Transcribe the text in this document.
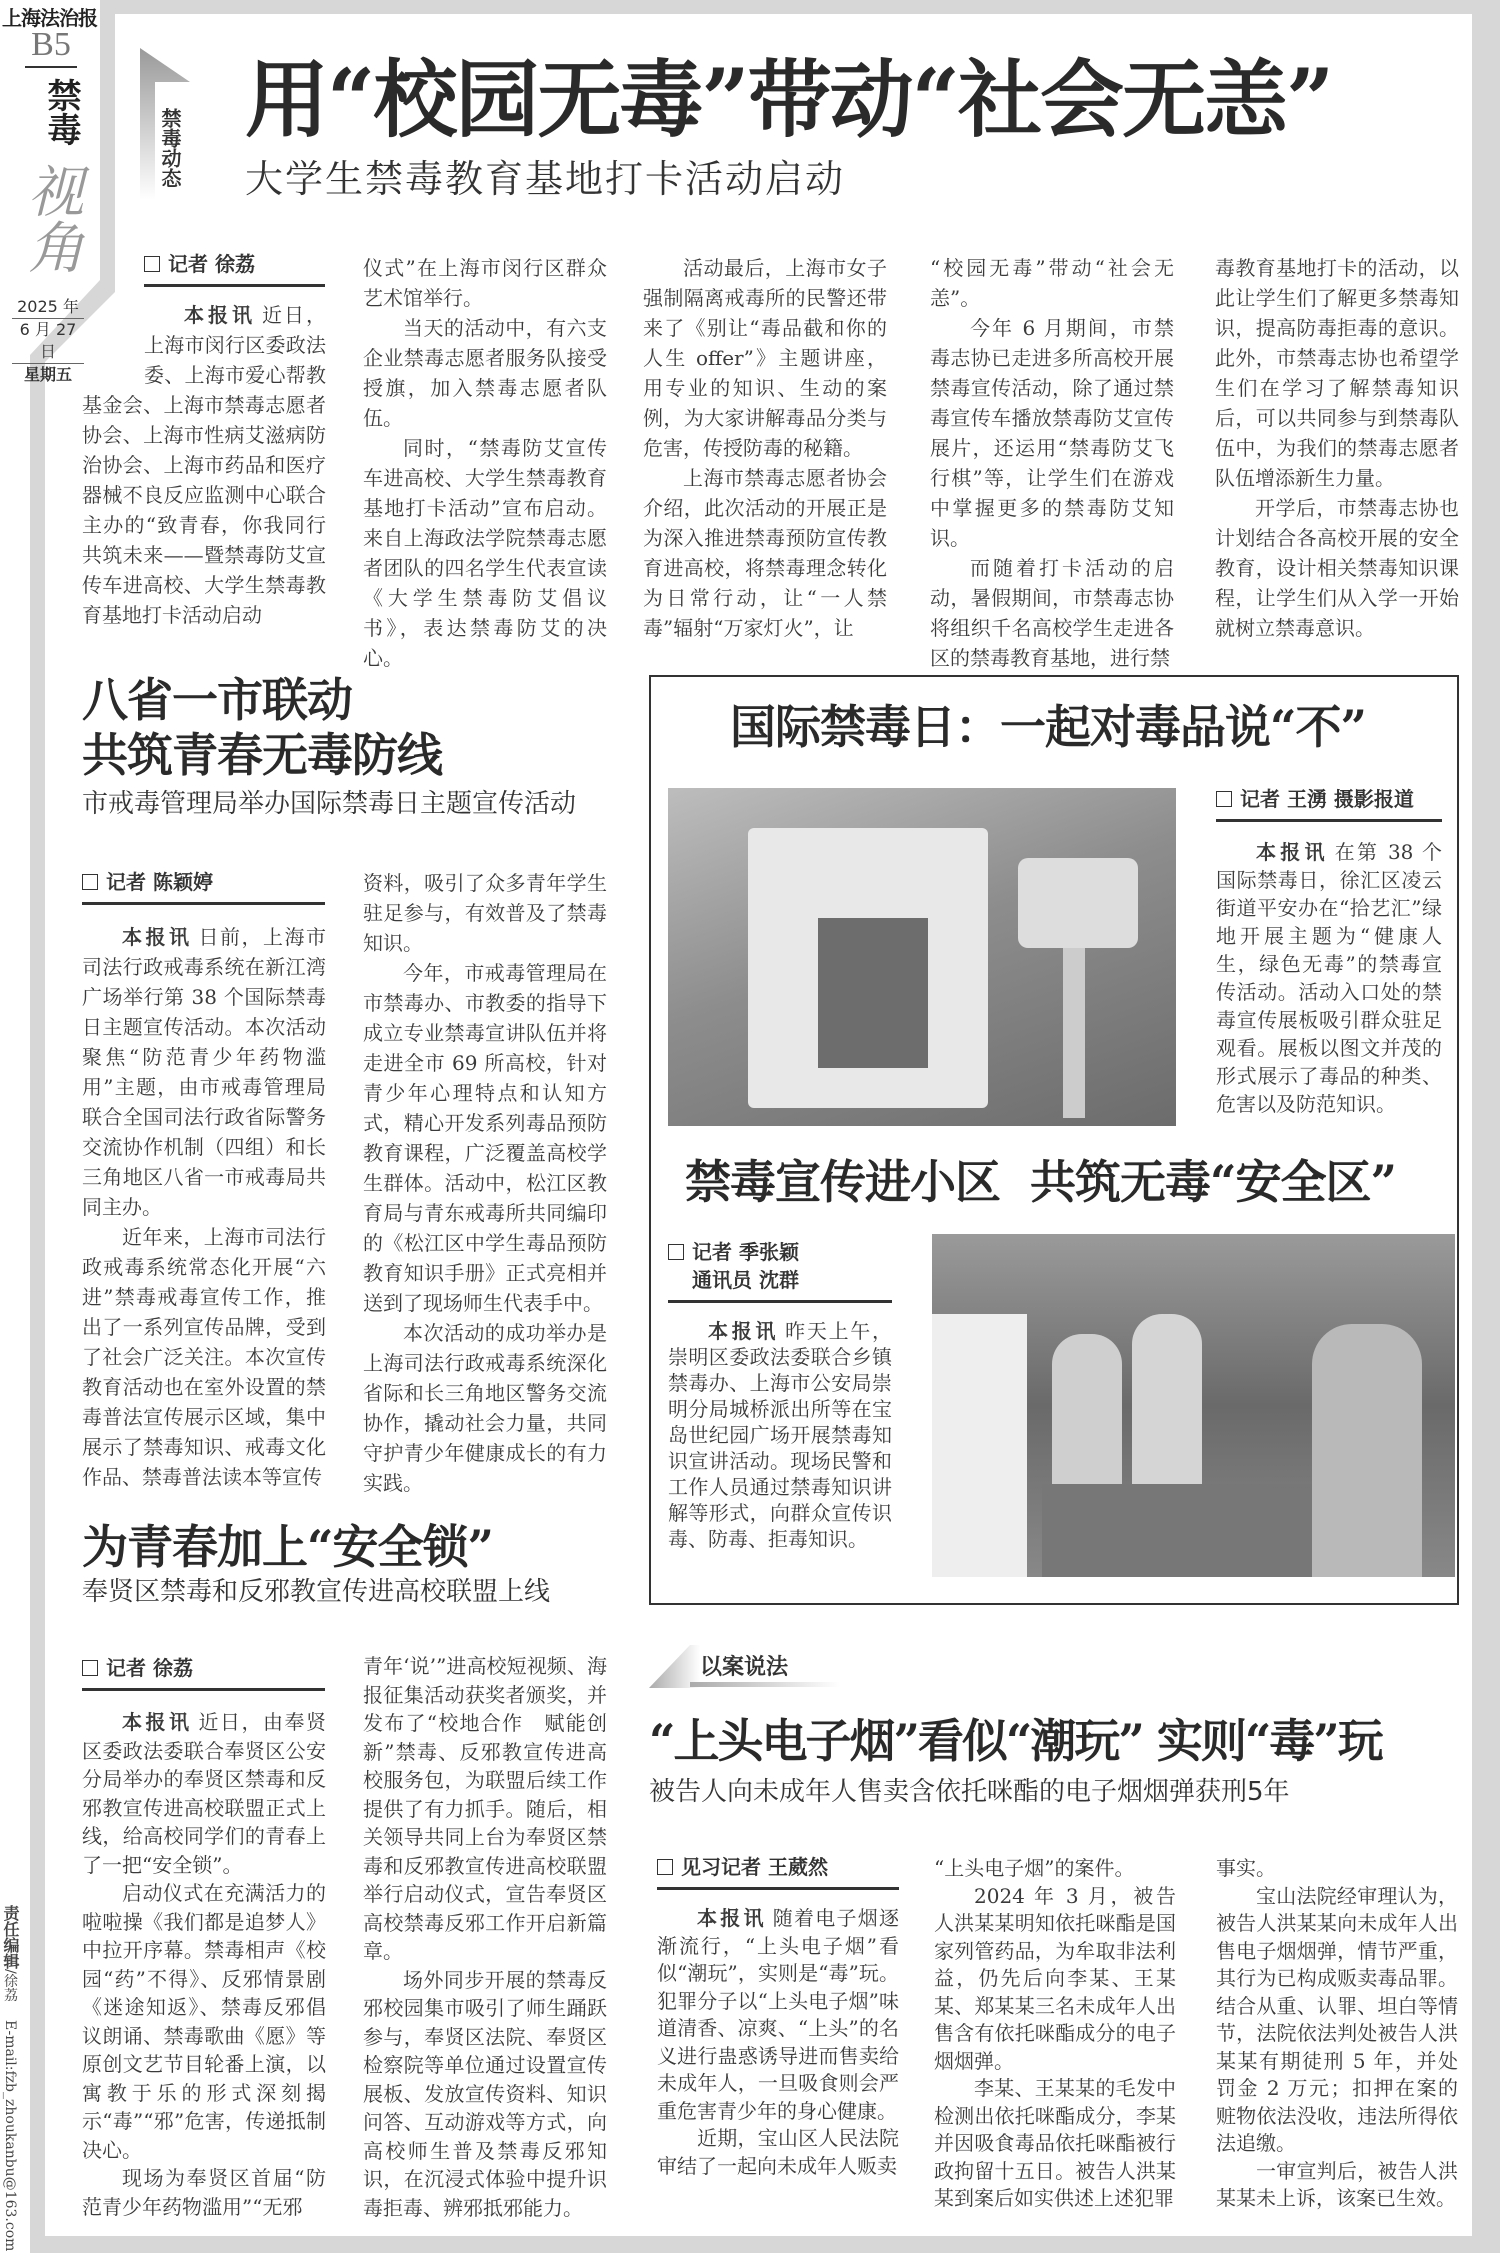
上海法治报
B5
禁毒
视角
2025 年
6 月 27 日
星期五
责任编辑/徐荔 E-mail:fzb_zhoukanbu@163.com
禁毒动态 用“校园无毒”带动“社会无恙”
大学生禁毒教育基地打卡活动启动
记者 徐荔

本报讯 近日，上海市闵行区委政法委、上海市爱心帮教基金会、上海市禁毒志愿者协会、上海市性病艾滋病防治协会、上海市药品和医疗器械不良反应监测中心联合主办的“致青春，你我同行共筑未来——暨禁毒防艾宣传车进高校、大学生禁毒教育基地打卡活动启动

仪式”在上海市闵行区群众艺术馆举行。

当天的活动中，有六支企业禁毒志愿者服务队接受授旗，加入禁毒志愿者队伍。

同时，“禁毒防艾宣传车进高校、大学生禁毒教育基地打卡活动”宣布启动。来自上海政法学院禁毒志愿者团队的四名学生代表宣读《大学生禁毒防艾倡议书》，表达禁毒防艾的决心。

活动最后，上海市女子强制隔离戒毒所的民警还带来了《别让“毒品截和你的人生 offer”》主题讲座，用专业的知识、生动的案例，为大家讲解毒品分类与危害，传授防毒的秘籍。

上海市禁毒志愿者协会介绍，此次活动的开展正是为深入推进禁毒预防宣传教育进高校，将禁毒理念转化为日常行动，让“一人禁毒”辐射“万家灯火”，让

“校园无毒”带动“社会无恙”。

今年 6 月期间，市禁毒志协已走进多所高校开展禁毒宣传活动，除了通过禁毒宣传车播放禁毒防艾宣传展片，还运用“禁毒防艾飞行棋”等，让学生们在游戏中掌握更多的禁毒防艾知识。

而随着打卡活动的启动，暑假期间，市禁毒志协将组织千名高校学生走进各区的禁毒教育基地，进行禁

毒教育基地打卡的活动，以此让学生们了解更多禁毒知识，提高防毒拒毒的意识。此外，市禁毒志协也希望学生们在学习了解禁毒知识后，可以共同参与到禁毒队伍中，为我们的禁毒志愿者队伍增添新生力量。

开学后，市禁毒志协也计划结合各高校开展的安全教育，设计相关禁毒知识课程，让学生们从入学一开始就树立禁毒意识。

八省一市联动
共筑青春无毒防线
市戒毒管理局举办国际禁毒日主题宣传活动
记者 陈颖婷

本报讯 日前，上海市司法行政戒毒系统在新江湾广场举行第 38 个国际禁毒日主题宣传活动。本次活动聚焦“防范青少年药物滥用”主题，由市戒毒管理局联合全国司法行政省际警务交流协作机制（四组）和长三角地区八省一市戒毒局共同主办。

近年来，上海市司法行政戒毒系统常态化开展“六进”禁毒戒毒宣传工作，推出了一系列宣传品牌，受到了社会广泛关注。本次宣传教育活动也在室外设置的禁毒普法宣传展示区域，集中展示了禁毒知识、戒毒文化作品、禁毒普法读本等宣传

资料，吸引了众多青年学生驻足参与，有效普及了禁毒知识。

今年，市戒毒管理局在市禁毒办、市教委的指导下成立专业禁毒宣讲队伍并将走进全市 69 所高校，针对青少年心理特点和认知方式，精心开发系列毒品预防教育课程，广泛覆盖高校学生群体。活动中，松江区教育局与青东戒毒所共同编印的《松江区中学生毒品预防教育知识手册》正式亮相并送到了现场师生代表手中。

本次活动的成功举办是上海司法行政戒毒系统深化省际和长三角地区警务交流协作，撬动社会力量，共同守护青少年健康成长的有力实践。

国际禁毒日：一起对毒品说“不”
记者 王湧 摄影报道

本报讯 在第 38 个国际禁毒日，徐汇区凌云街道平安办在“拾艺汇”绿地开展主题为“健康人生，绿色无毒”的禁毒宣传活动。活动入口处的禁毒宣传展板吸引群众驻足观看。展板以图文并茂的形式展示了毒品的种类、危害以及防范知识。

禁毒宣传进小区  共筑无毒“安全区”
记者 季张颖
通讯员 沈群

本报讯 昨天上午，崇明区委政法委联合乡镇禁毒办、上海市公安局崇明分局城桥派出所等在宝岛世纪园广场开展禁毒知识宣讲活动。现场民警和工作人员通过禁毒知识讲解等形式，向群众宣传识毒、防毒、拒毒知识。

为青春加上“安全锁”
奉贤区禁毒和反邪教宣传进高校联盟上线
记者 徐荔

本报讯 近日，由奉贤区委政法委联合奉贤区公安分局举办的奉贤区禁毒和反邪教宣传进高校联盟正式上线，给高校同学们的青春上了一把“安全锁”。

启动仪式在充满活力的啦啦操《我们都是追梦人》中拉开序幕。禁毒相声《校园“药”不得》、反邪情景剧《迷途知返》、禁毒反邪倡议朗诵、禁毒歌曲《愿》等原创文艺节目轮番上演，以寓教于乐的形式深刻揭示“毒”“邪”危害，传递抵制决心。

现场为奉贤区首届“防范青少年药物滥用”“无邪

青年‘说’”进高校短视频、海报征集活动获奖者颁奖，并发布了“校地合作　赋能创新”禁毒、反邪教宣传进高校服务包，为联盟后续工作提供了有力抓手。随后，相关领导共同上台为奉贤区禁毒和反邪教宣传进高校联盟举行启动仪式，宣告奉贤区高校禁毒反邪工作开启新篇章。

场外同步开展的禁毒反邪校园集市吸引了师生踊跃参与，奉贤区法院、奉贤区检察院等单位通过设置宣传展板、发放宣传资料、知识问答、互动游戏等方式，向高校师生普及禁毒反邪知识，在沉浸式体验中提升识毒拒毒、辨邪抵邪能力。

以案说法
“上头电子烟”看似“潮玩” 实则“毒”玩
被告人向未成年人售卖含依托咪酯的电子烟烟弹获刑5年
见习记者 王葳然

本报讯 随着电子烟逐渐流行，“上头电子烟”看似“潮玩”，实则是“毒”玩。犯罪分子以“上头电子烟”味道清香、凉爽、“上头”的名义进行蛊惑诱导进而售卖给未成年人，一旦吸食则会严重危害青少年的身心健康。

近期，宝山区人民法院审结了一起向未成年人贩卖

“上头电子烟”的案件。

2024 年 3 月，被告人洪某某明知依托咪酯是国家列管药品，为牟取非法利益，仍先后向李某、王某某、郑某某三名未成年人出售含有依托咪酯成分的电子烟烟弹。

李某、王某某的毛发中检测出依托咪酯成分，李某并因吸食毒品依托咪酯被行政拘留十五日。被告人洪某某到案后如实供述上述犯罪

事实。

宝山法院经审理认为，被告人洪某某向未成年人出售电子烟烟弹，情节严重，其行为已构成贩卖毒品罪。结合从重、认罪、坦白等情节，法院依法判处被告人洪某某有期徒刑 5 年，并处罚金 2 万元；扣押在案的赃物依法没收，违法所得依法追缴。

一审宣判后，被告人洪某某未上诉，该案已生效。
